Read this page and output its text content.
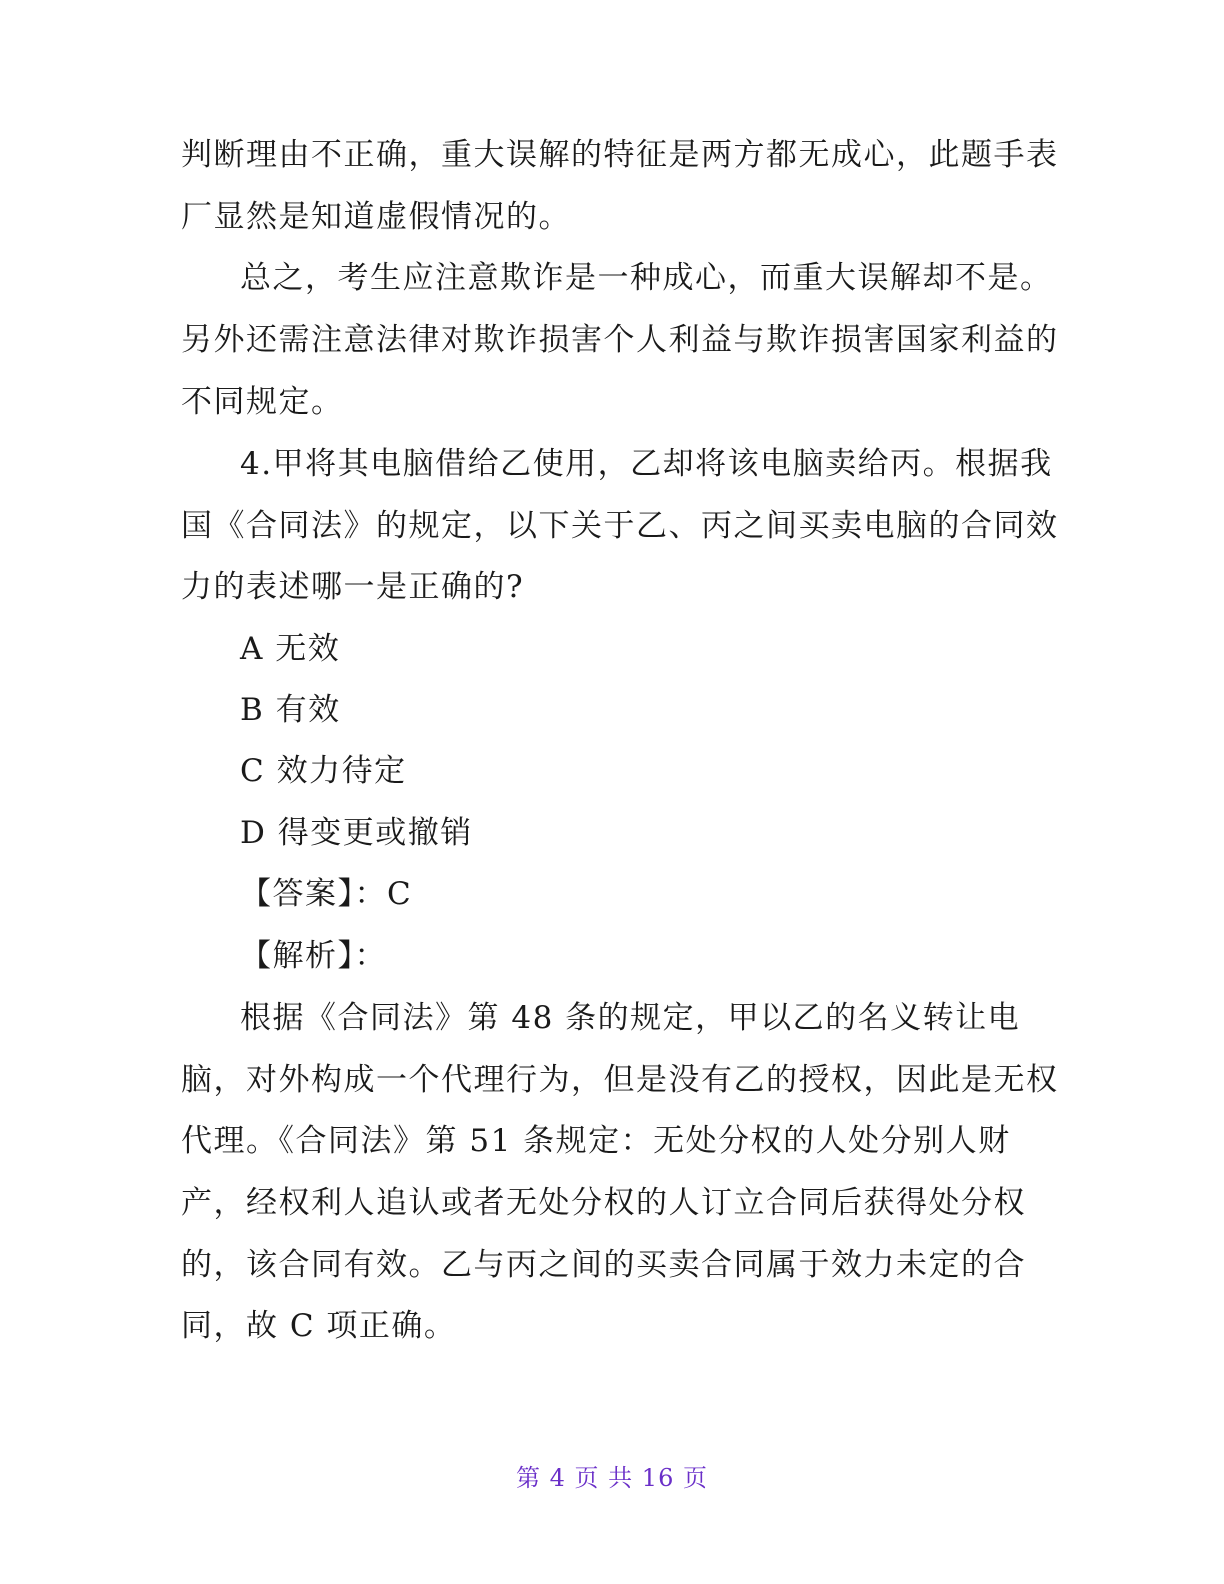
判断理由不正确，重大误解的特征是两方都无成心，此题手表
厂显然是知道虚假情况的。
总之，考生应注意欺诈是一种成心，而重大误解却不是。
另外还需注意法律对欺诈损害个人利益与欺诈损害国家利益的
不同规定。
4.甲将其电脑借给乙使用，乙却将该电脑卖给丙。根据我
国《合同法》的规定，以下关于乙、丙之间买卖电脑的合同效
力的表述哪一是正确的?
A 无效
B 有效
C 效力待定
D 得变更或撤销
【答案】：C
【解析】：
根据《合同法》第 48 条的规定，甲以乙的名义转让电
脑，对外构成一个代理行为，但是没有乙的授权，因此是无权
代理。《合同法》第 51 条规定：无处分权的人处分别人财
产，经权利人追认或者无处分权的人订立合同后获得处分权
的，该合同有效。乙与丙之间的买卖合同属于效力未定的合
同，故 C 项正确。
第 4 页 共 16 页
